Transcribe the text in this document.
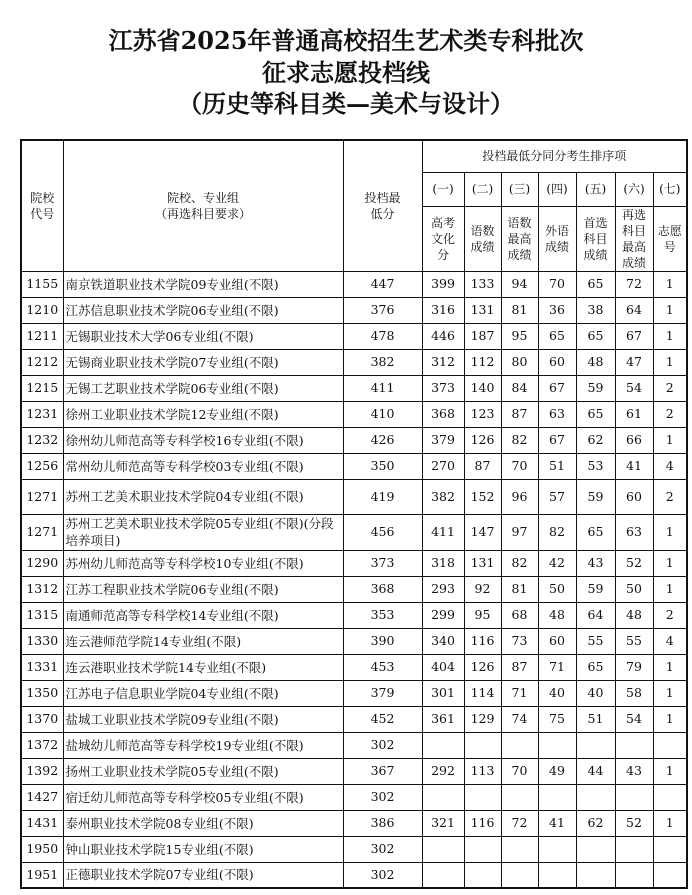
江苏省2025年普通高校招生艺术类专科批次
征求志愿投档线
（历史等科目类—美术与设计）
院校代号	院校、专业组
（再选科目要求）	投档最低分	投档最低分同分考生排序项						
			(一)	(二)	(三)	(四)	(五)	(六)	(七)
			高考文化分	语数成绩	语数最高成绩	外语成绩	首选科目成绩	再选科目最高成绩	志愿号
1155	南京铁道职业技术学院09专业组(不限)	447	399	133	94	70	65	72	1
1210	江苏信息职业技术学院06专业组(不限)	376	316	131	81	36	38	64	1
1211	无锡职业技术大学06专业组(不限)	478	446	187	95	65	65	67	1
1212	无锡商业职业技术学院07专业组(不限)	382	312	112	80	60	48	47	1
1215	无锡工艺职业技术学院06专业组(不限)	411	373	140	84	67	59	54	2
1231	徐州工业职业技术学院12专业组(不限)	410	368	123	87	63	65	61	2
1232	徐州幼儿师范高等专科学校16专业组(不限)	426	379	126	82	67	62	66	1
1256	常州幼儿师范高等专科学校03专业组(不限)	350	270	87	70	51	53	41	4
1271	苏州工艺美术职业技术学院04专业组(不限)	419	382	152	96	57	59	60	2
1271	苏州工艺美术职业技术学院05专业组(不限)(分段培养项目)	456	411	147	97	82	65	63	1
1290	苏州幼儿师范高等专科学校10专业组(不限)	373	318	131	82	42	43	52	1
1312	江苏工程职业技术学院06专业组(不限)	368	293	92	81	50	59	50	1
1315	南通师范高等专科学校14专业组(不限)	353	299	95	68	48	64	48	2
1330	连云港师范学院14专业组(不限)	390	340	116	73	60	55	55	4
1331	连云港职业技术学院14专业组(不限)	453	404	126	87	71	65	79	1
1350	江苏电子信息职业学院04专业组(不限)	379	301	114	71	40	40	58	1
1370	盐城工业职业技术学院09专业组(不限)	452	361	129	74	75	51	54	1
1372	盐城幼儿师范高等专科学校19专业组(不限)	302							
1392	扬州工业职业技术学院05专业组(不限)	367	292	113	70	49	44	43	1
1427	宿迁幼儿师范高等专科学校05专业组(不限)	302							
1431	泰州职业技术学院08专业组(不限)	386	321	116	72	41	62	52	1
1950	钟山职业技术学院15专业组(不限)	302							
1951	正德职业技术学院07专业组(不限)	302							
